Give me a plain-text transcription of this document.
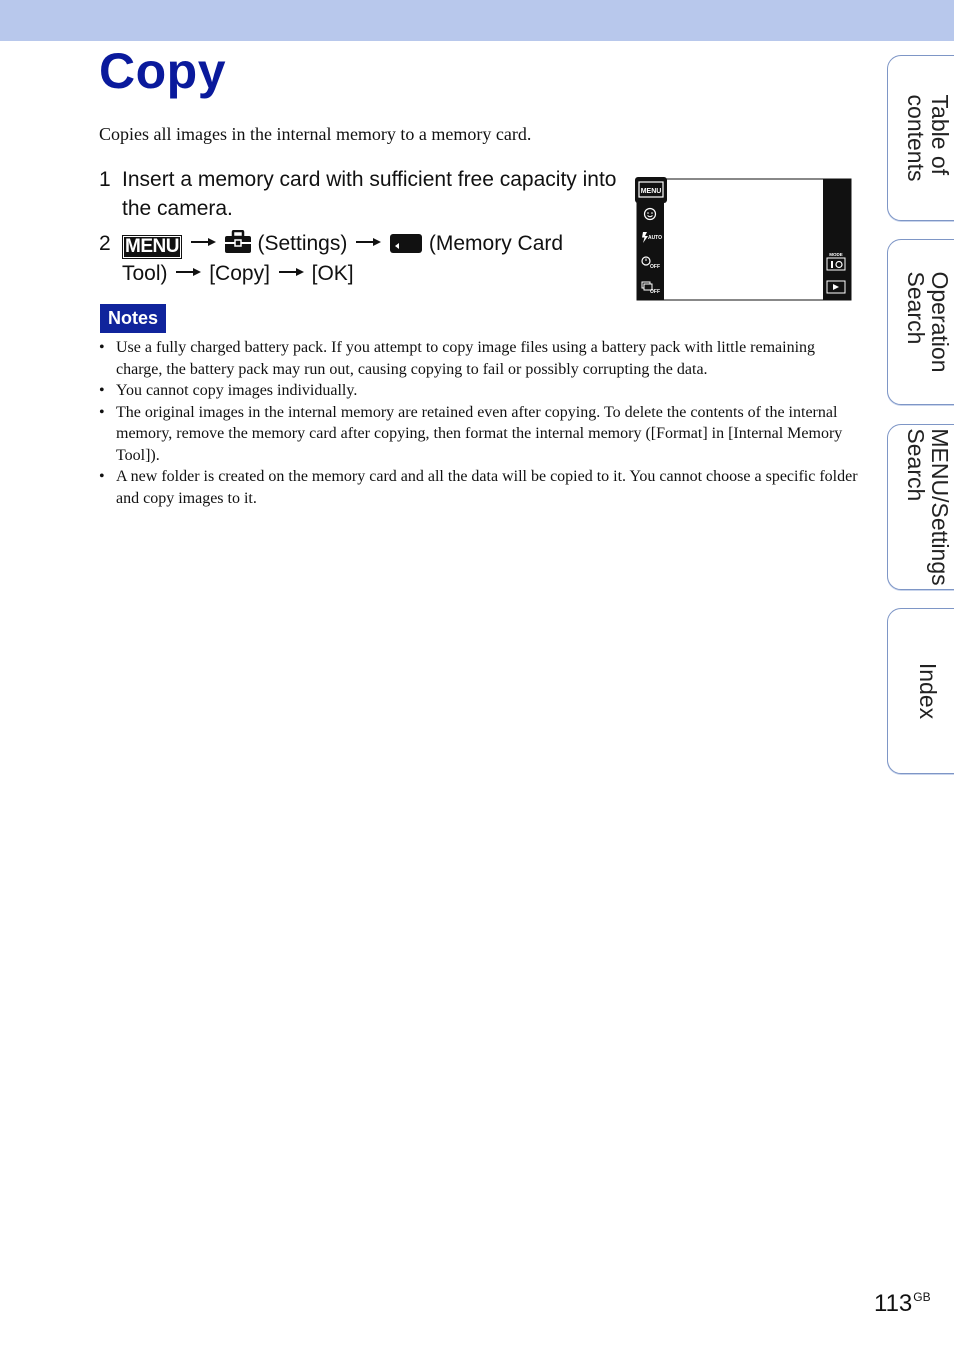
Copy
Copies all images in the internal memory to a memory card.
1 Insert a memory card with sufficient free capacity into the camera.
2 MENU	(Settings)	(Memory Card
Tool) [Copy] [OK]
MENU
AUTO
OFF
OFF
MODE
Notes
• Use a fully charged battery pack. If you attempt to copy image files using a battery pack with little remaining charge, the battery pack may run out, causing copying to fail or possibly corrupting the data.
• You cannot copy images individually.
• The original images in the internal memory are retained even after copying. To delete the contents of the internal memory, remove the memory card after copying, then format the internal memory ([Format] in [Internal Memory Tool]).
• A new folder is created on the memory card and all the data will be copied to it. You cannot choose a specific folder and copy images to it.
Table of
contents
Operation
Search
MENU/Settings
Search
Index
$113^{GB}$
